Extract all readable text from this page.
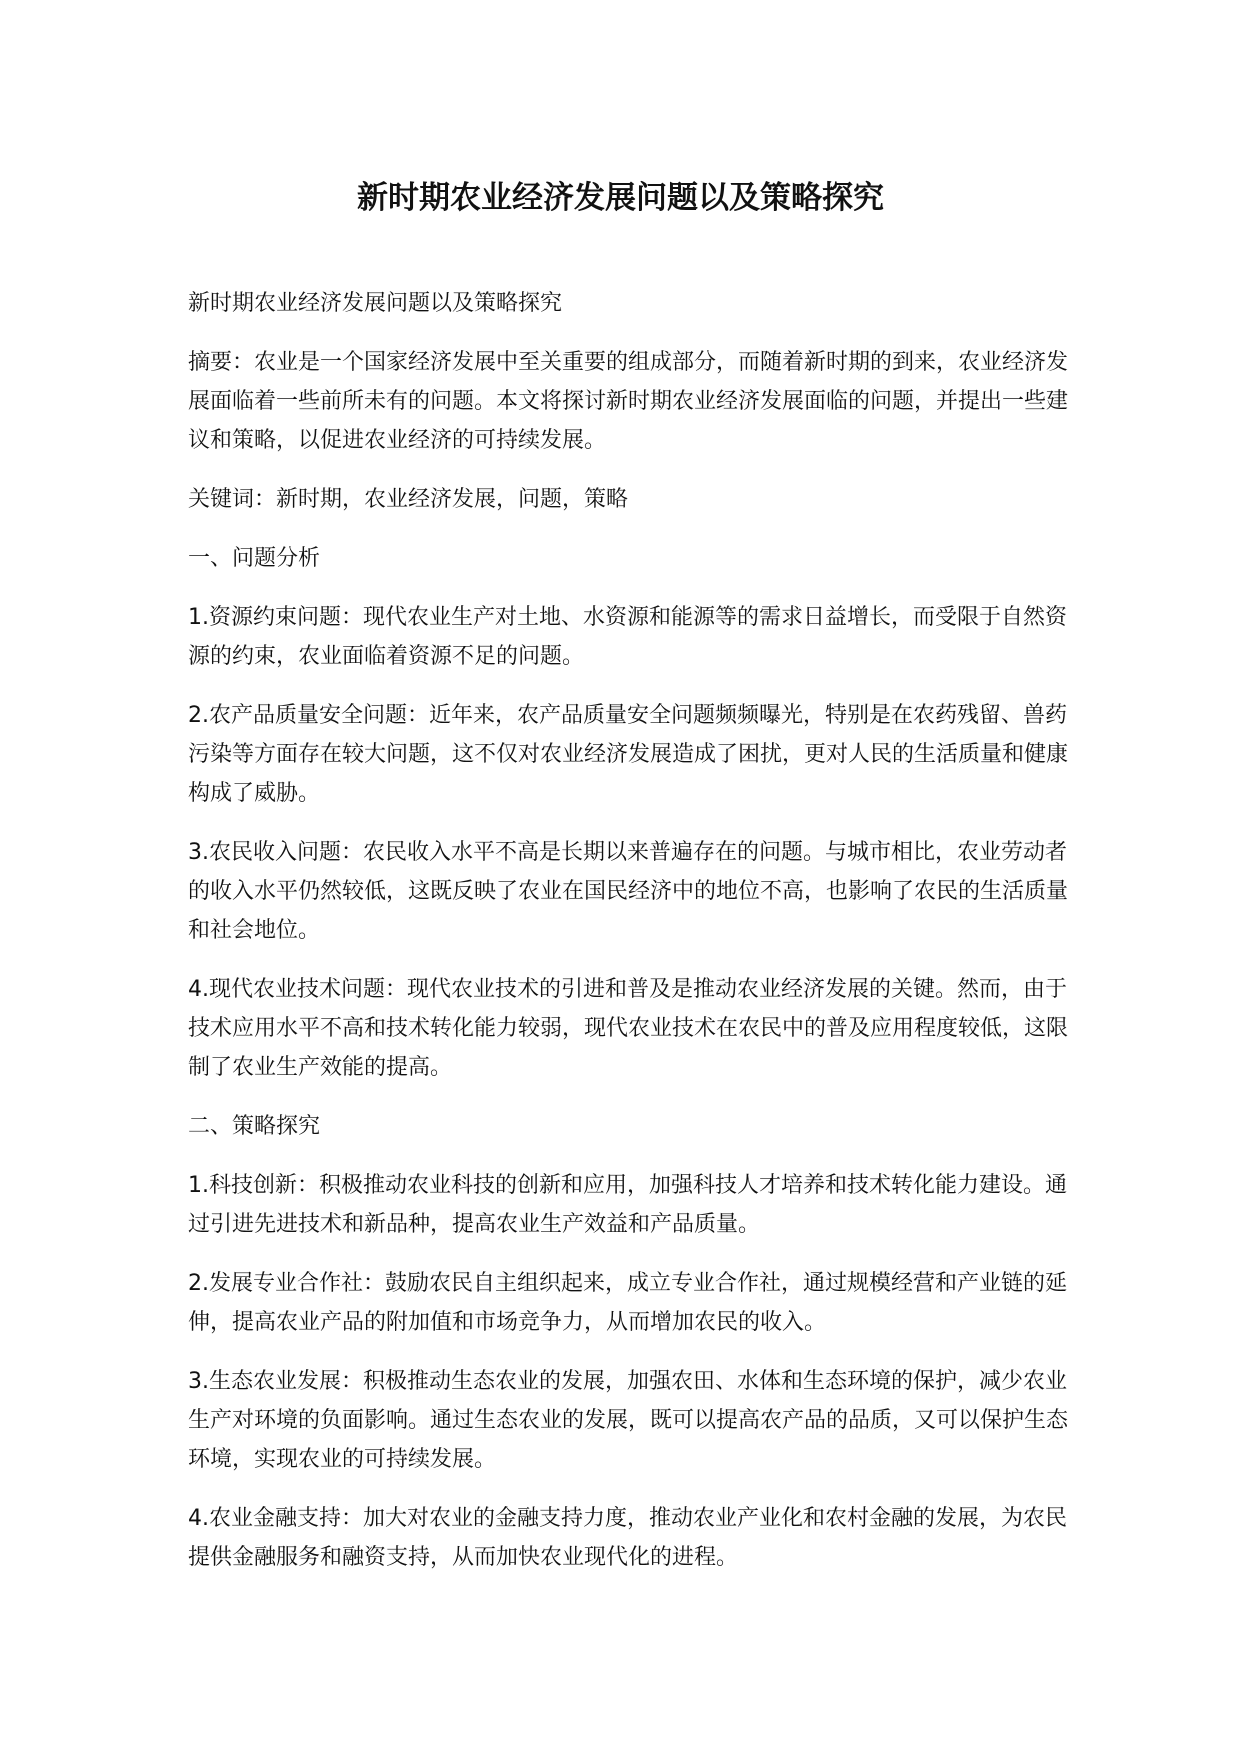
新时期农业经济发展问题以及策略探究

新时期农业经济发展问题以及策略探究

摘要：农业是一个国家经济发展中至关重要的组成部分，而随着新时期的到来，农业经济发展面临着一些前所未有的问题。本文将探讨新时期农业经济发展面临的问题，并提出一些建议和策略，以促进农业经济的可持续发展。

关键词：新时期，农业经济发展，问题，策略

一、问题分析

1.资源约束问题：现代农业生产对土地、水资源和能源等的需求日益增长，而受限于自然资源的约束，农业面临着资源不足的问题。

2.农产品质量安全问题：近年来，农产品质量安全问题频频曝光，特别是在农药残留、兽药污染等方面存在较大问题，这不仅对农业经济发展造成了困扰，更对人民的生活质量和健康构成了威胁。

3.农民收入问题：农民收入水平不高是长期以来普遍存在的问题。与城市相比，农业劳动者的收入水平仍然较低，这既反映了农业在国民经济中的地位不高，也影响了农民的生活质量和社会地位。

4.现代农业技术问题：现代农业技术的引进和普及是推动农业经济发展的关键。然而，由于技术应用水平不高和技术转化能力较弱，现代农业技术在农民中的普及应用程度较低，这限制了农业生产效能的提高。

二、策略探究

1.科技创新：积极推动农业科技的创新和应用，加强科技人才培养和技术转化能力建设。通过引进先进技术和新品种，提高农业生产效益和产品质量。

2.发展专业合作社：鼓励农民自主组织起来，成立专业合作社，通过规模经营和产业链的延伸，提高农业产品的附加值和市场竞争力，从而增加农民的收入。

3.生态农业发展：积极推动生态农业的发展，加强农田、水体和生态环境的保护，减少农业生产对环境的负面影响。通过生态农业的发展，既可以提高农产品的品质，又可以保护生态环境，实现农业的可持续发展。

4.农业金融支持：加大对农业的金融支持力度，推动农业产业化和农村金融的发展，为农民提供金融服务和融资支持，从而加快农业现代化的进程。
